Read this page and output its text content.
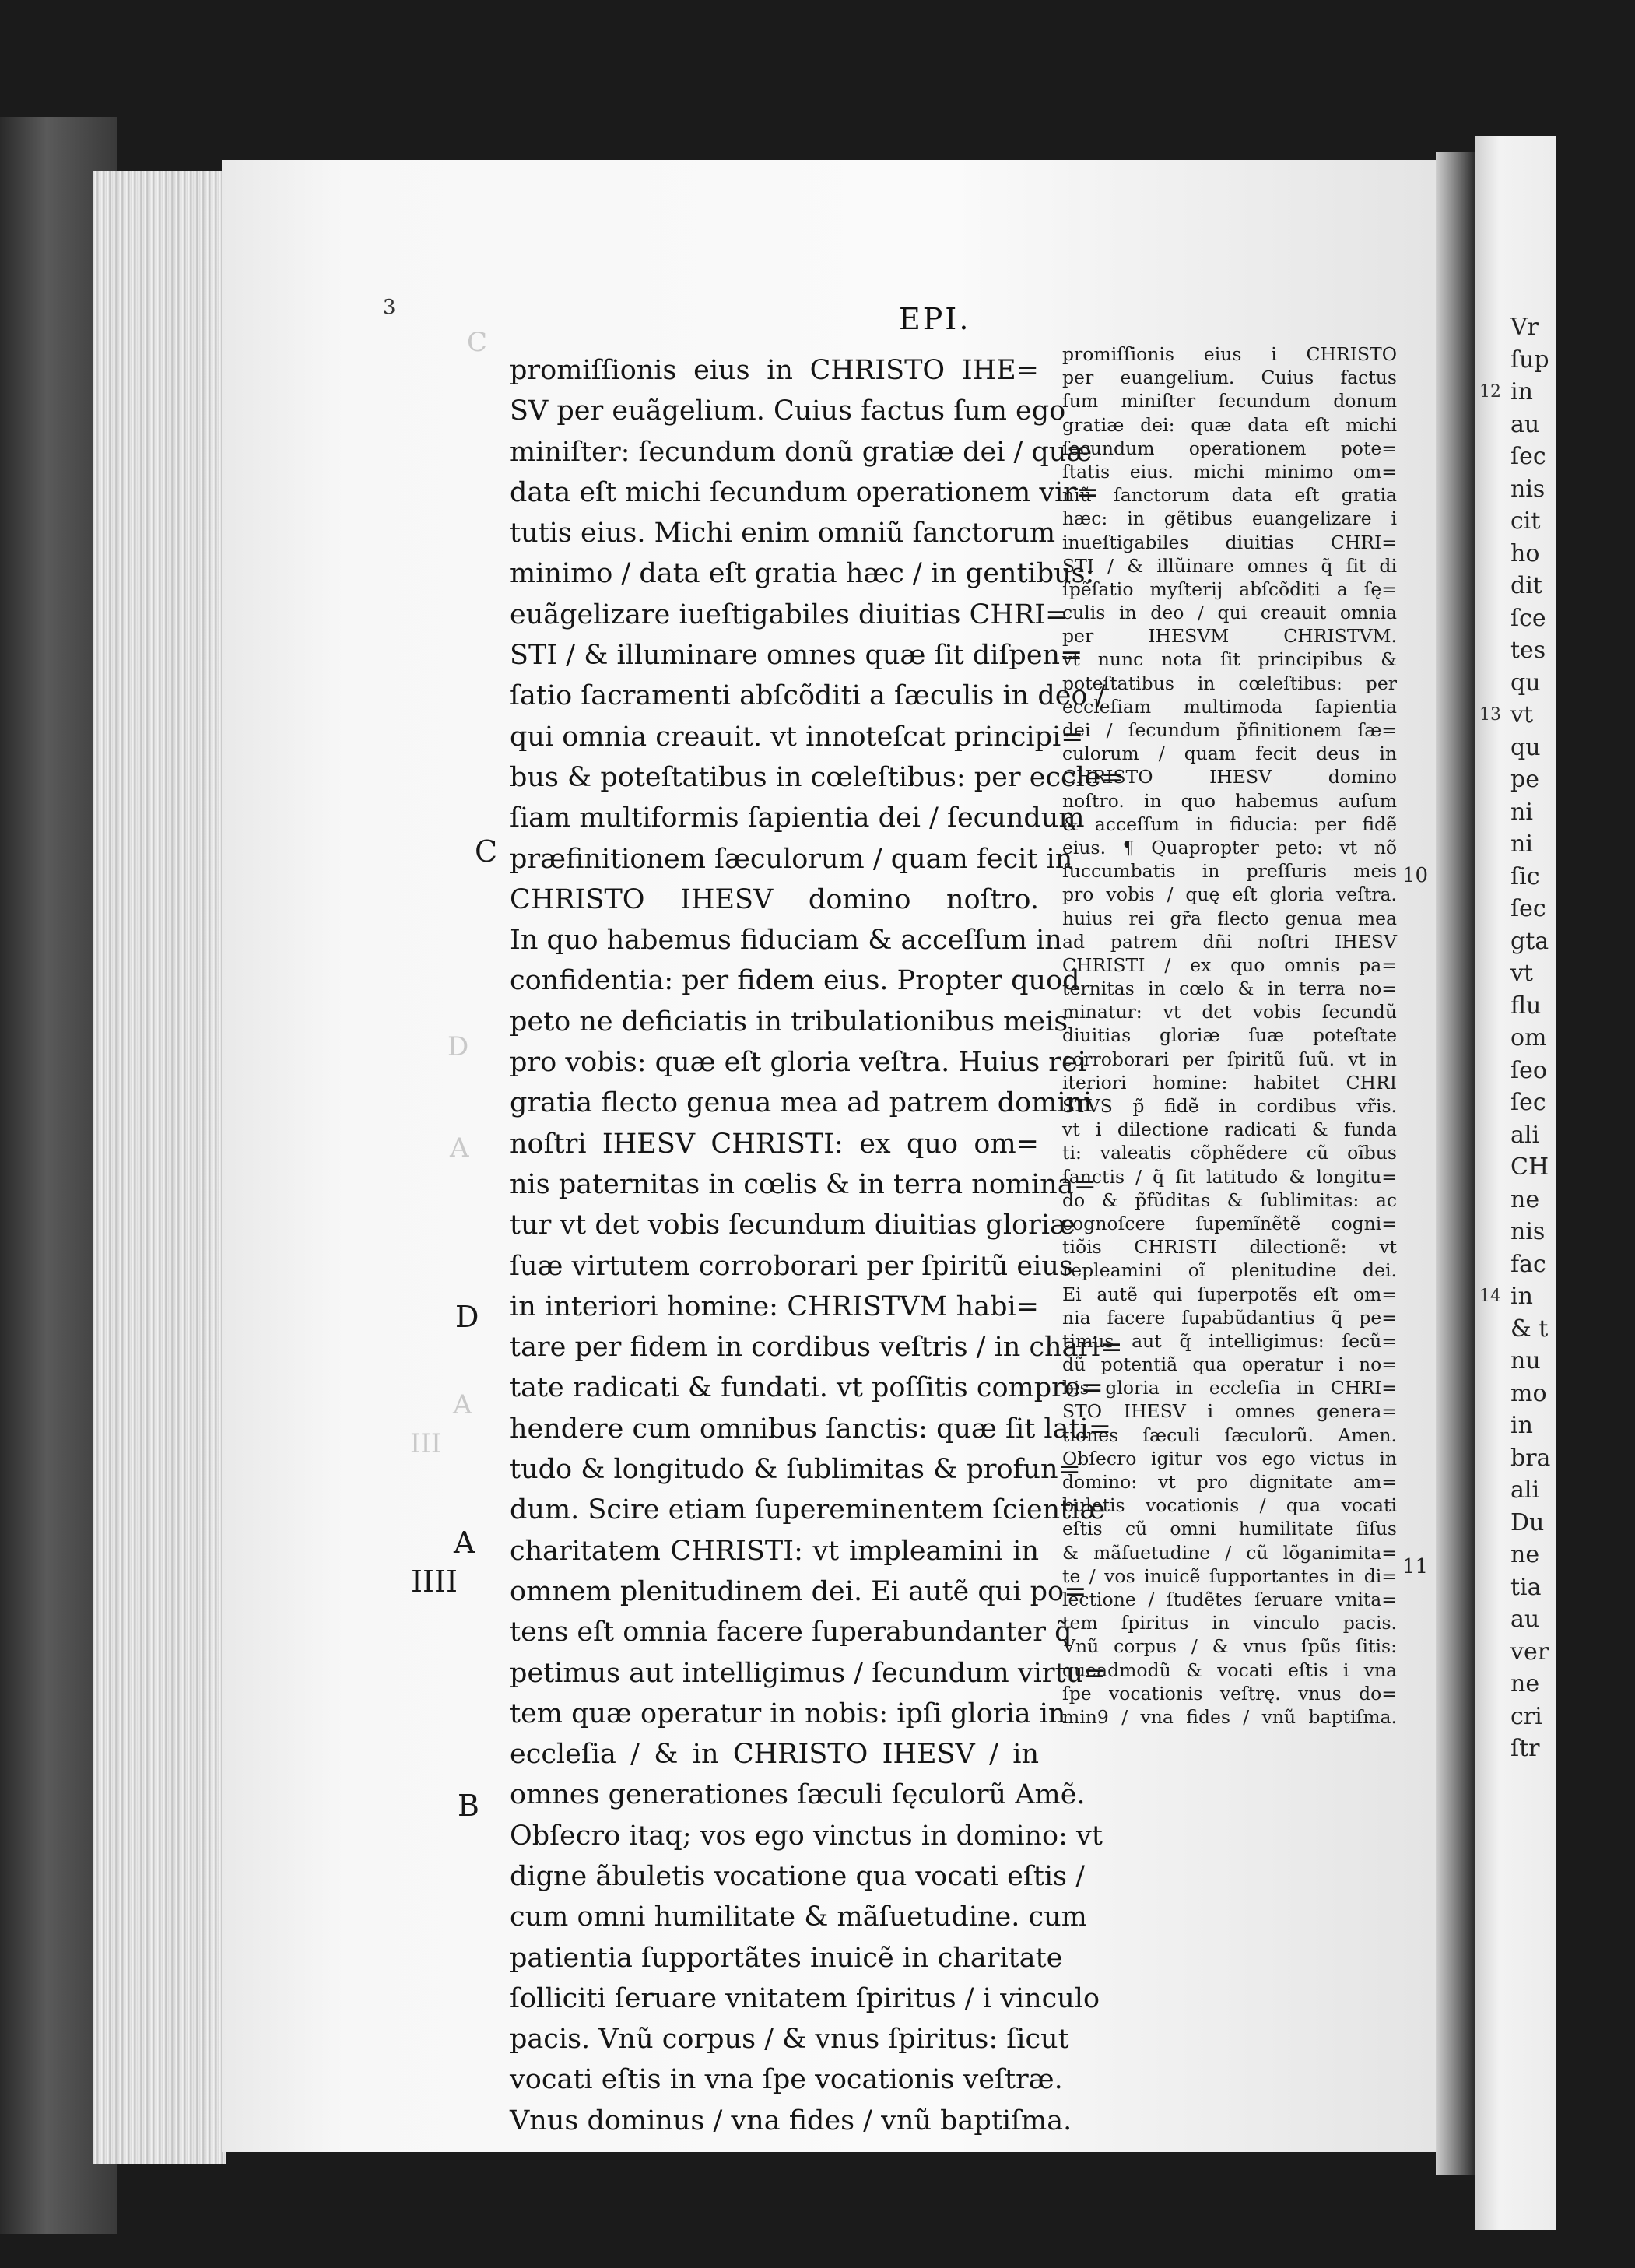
Vr
ſup
12 in
au
ſec
nis
cit
ho
dit
ſce
tes
qu
13 vt
qu
pe
ni
ni
ſic
ſec
gta
vt
flu
om
ſeo
ſec
ali
CH
ne
nis
fac
14 in
& t
nu
mo
in
bra
ali
Du
ne
tia
au
ver
ne
cri
ſtr
3	EPI.
promiſſionis eius in CHRISTO IHE=
SV per euãgelium. Cuius factus ſum ego
miniſter: ſecundum donũ gratiæ dei / quæ
data eſt michi ſecundum operationem vir=
tutis eius. Michi enim omniũ ſanctorum
minimo / data eſt gratia hæc / in gentibus:
euãgelizare iueſtigabiles diuitias CHRI=
STI / & illuminare omnes quæ ſit diſpen=
ſatio ſacramenti abſcõditi a ſæculis in deo /
qui omnia creauit. vt innoteſcat principi=
bus & poteſtatibus in cœleſtibus: per eccle=
ſiam multiformis ſapientia dei / ſecundum
præfinitionem ſæculorum / quam fecit in
CHRISTO IHESV domino noſtro.
In quo habemus fiduciam & acceſſum in
confidentia: per fidem eius. Propter quod
peto ne deficiatis in tribulationibus meis
pro vobis: quæ eſt gloria veſtra. Huius rei
gratia flecto genua mea ad patrem domini
noſtri IHESV CHRISTI: ex quo om=
nis paternitas in cœlis & in terra nomina=
tur vt det vobis ſecundum diuitias gloriæ
ſuæ virtutem corroborari per ſpiritũ eius
in interiori homine: CHRISTVM habi=
tare per fidem in cordibus veſtris / in chari=
tate radicati & fundati. vt poſſitis compre=
hendere cum omnibus ſanctis: quæ ſit lati=
tudo & longitudo & ſublimitas & profun=
dum. Scire etiam ſupereminentem ſcientiæ
charitatem CHRISTI: vt impleamini in
omnem plenitudinem dei. Ei autẽ qui po=
tens eſt omnia facere ſuperabundanter q̃
petimus aut intelligimus / ſecundum virtu=
tem quæ operatur in nobis: ipſi gloria in
eccleſia / & in CHRISTO IHESV / in
omnes generationes ſæculi ſęculorũ Amẽ.
Obſecro itaq; vos ego vinctus in domino: vt
digne ãbuletis vocatione qua vocati eſtis /
cum omni humilitate & mãſuetudine. cum
patientia ſupportãtes inuicẽ in charitate
ſolliciti ſeruare vnitatem ſpiritus / i vinculo
pacis. Vnũ corpus / & vnus ſpiritus: ſicut
vocati eſtis in vna ſpe vocationis veſtræ.
Vnus dominus / vna fides / vnũ baptiſma.
promiſſionis eius i CHRISTO
per euangelium. Cuius factus
ſum miniſter ſecundum donum
gratiæ dei: quæ data eſt michi
ſecundum operationem pote=
ſtatis eius. michi minimo om=
niũ ſanctorum data eſt gratia
hæc: in gẽtibus euangelizare i
inueſtigabiles diuitias CHRI=
STI / & illũinare omnes q̃ ſit di
ſpẽſatio myſterij abſcõditi a ſę=
culis in deo / qui creauit omnia
per IHESVM CHRISTVM.
vt nunc nota ſit principibus &
poteſtatibus in cœleſtibus: per
eccleſiam multimoda ſapientia
dei / ſecundum p̃finitionem ſæ=
culorum / quam fecit deus in
CHRISTO IHESV domino
noſtro. in quo habemus auſum
& acceſſum in fiducia: per fidẽ
eius. ¶ Quapropter peto: vt nõ
ſuccumbatis in preſſuris meis
pro vobis / quę eſt gloria veſtra.
huius rei gr̃a flecto genua mea
ad patrem dñi noſtri IHESV
CHRISTI / ex quo omnis pa=
ternitas in cœlo & in terra no=
minatur: vt det vobis ſecundũ
diuitias gloriæ ſuæ poteſtate
corroborari per ſpiritũ ſuũ. vt in
iteriori homine: habitet CHRI
STVS p̃ fidẽ in cordibus vr̃is.
vt i dilectione radicati & funda
ti: valeatis cõphẽdere cũ oĩbus
ſanctis / q̃ ſit latitudo & longitu=
do & p̃fũditas & ſublimitas: ac
cognoſcere ſupemĩnẽtẽ cogni=
tiõis CHRISTI dilectionẽ: vt
repleamini oĩ plenitudine dei.
Ei autẽ qui ſuperpotẽs eſt om=
nia facere ſupabũdantius q̃ pe=
timus aut q̃ intelligimus: ſecũ=
dũ potentiã qua operatur i no=
bis gloria in eccleſia in CHRI=
STO IHESV i omnes genera=
tiones ſæculi ſæculorũ. Amen.
Obſecro igitur vos ego victus in
domino: vt pro dignitate am=
buletis vocationis / qua vocati
eſtis cũ omni humilitate ſiſus
& mãſuetudine / cũ lõganimita=
te / vos inuicẽ ſupportantes in di=
lectione / ſtudẽtes ſeruare vnita=
tem ſpiritus in vinculo pacis.
Vnũ corpus / & vnus ſpũs ſitis:
queadmodũ & vocati eſtis i vna
ſpe vocationis veſtrę. vnus do=
min9 / vna fides / vnũ baptiſma.
C
D
A
A
III
C
D
A
IIII
B
10
11
